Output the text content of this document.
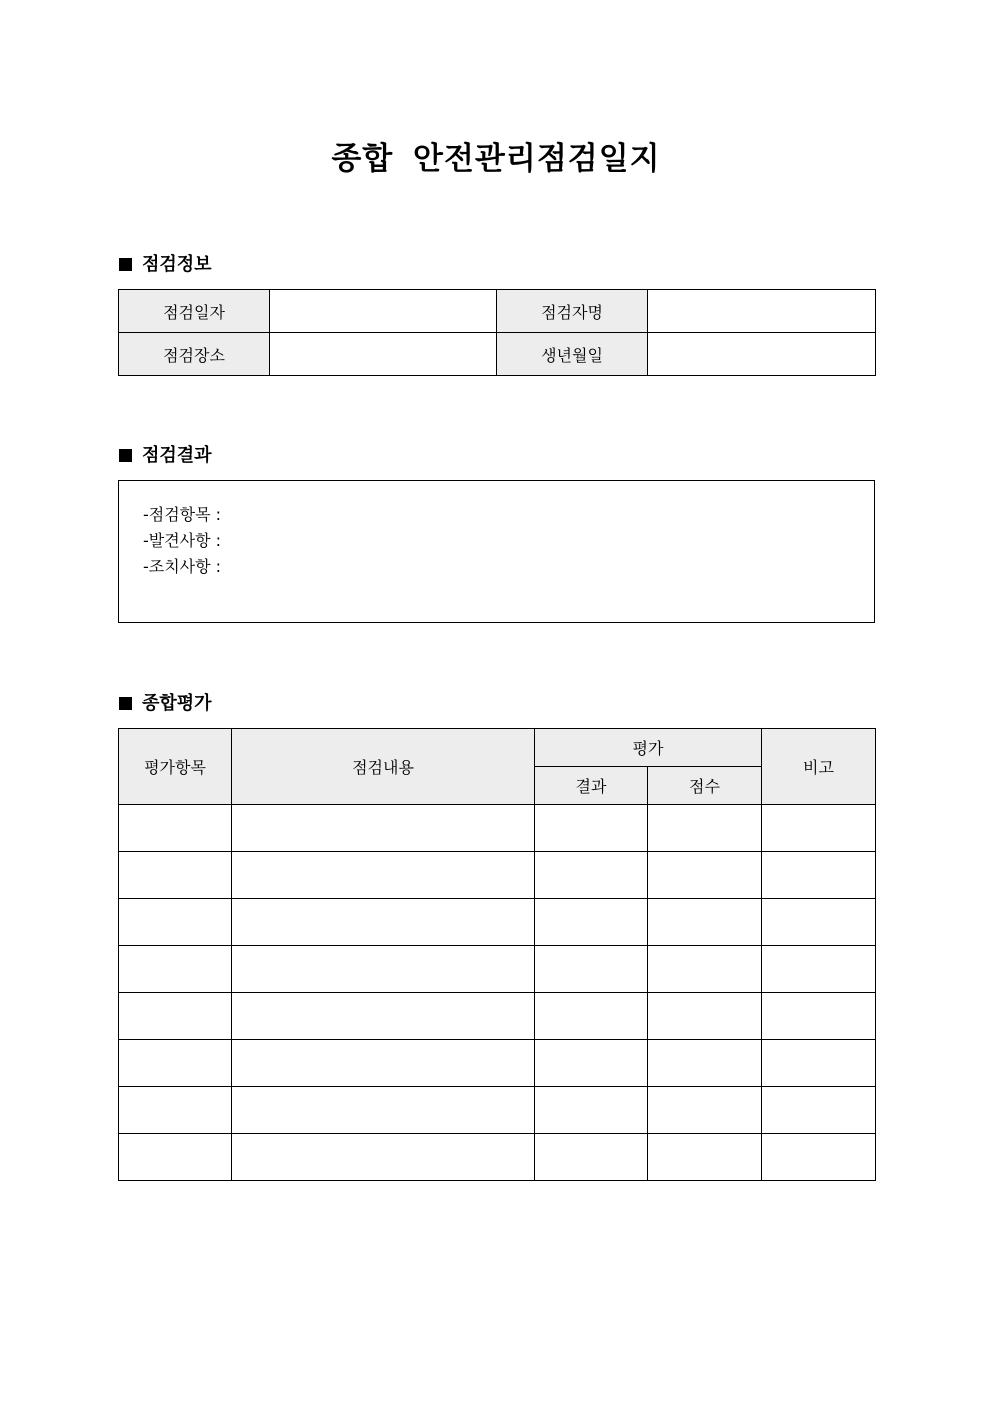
종합 안전관리점검일지
점검정보
점검일자		점검자명	
점검장소		생년월일	
점검결과
-점검항목 :
-발견사항 :
-조치사항 :
종합평가
평가항목	점검내용	평가		비고
		결과	점수	
